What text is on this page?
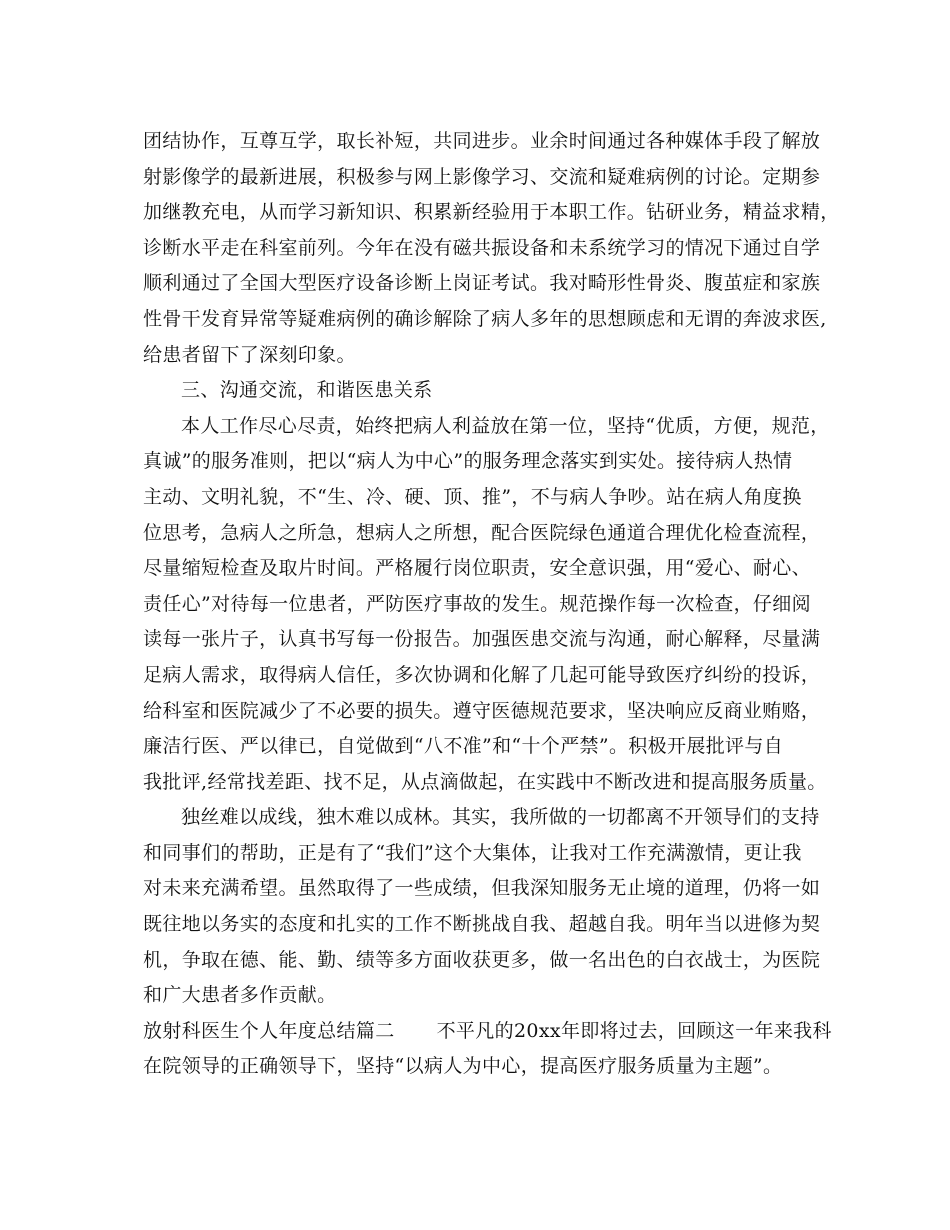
团结协作，互尊互学，取长补短，共同进步。业余时间通过各种媒体手段了解放
射影像学的最新进展，积极参与网上影像学习、交流和疑难病例的讨论。定期参
加继教充电，从而学习新知识、积累新经验用于本职工作。钻研业务，精益求精，
诊断水平走在科室前列。今年在没有磁共振设备和未系统学习的情况下通过自学
顺利通过了全国大型医疗设备诊断上岗证考试。我对畸形性骨炎、腹茧症和家族
性骨干发育异常等疑难病例的确诊解除了病人多年的思想顾虑和无谓的奔波求医,
给患者留下了深刻印象。
三、沟通交流，和谐医患关系
本人工作尽心尽责，始终把病人利益放在第一位，坚持“优质，方便，规范，
真诚”的服务准则，把以“病人为中心”的服务理念落实到实处。接待病人热情
主动、文明礼貌，不“生、冷、硬、顶、推”，不与病人争吵。站在病人角度换
位思考，急病人之所急，想病人之所想，配合医院绿色通道合理优化检查流程，
尽量缩短检查及取片时间。严格履行岗位职责，安全意识强，用“爱心、耐心、
责任心”对待每一位患者，严防医疗事故的发生。规范操作每一次检查，仔细阅
读每一张片子，认真书写每一份报告。加强医患交流与沟通，耐心解释，尽量满
足病人需求，取得病人信任，多次协调和化解了几起可能导致医疗纠纷的投诉，
给科室和医院减少了不必要的损失。遵守医德规范要求，坚决响应反商业贿赂，
廉洁行医、严以律已，自觉做到“八不准”和“十个严禁”。积极开展批评与自
我批评,经常找差距、找不足，从点滴做起，在实践中不断改进和提高服务质量。
独丝难以成线，独木难以成林。其实，我所做的一切都离不开领导们的支持
和同事们的帮助，正是有了“我们”这个大集体，让我对工作充满激情，更让我
对未来充满希望。虽然取得了一些成绩，但我深知服务无止境的道理，仍将一如
既往地以务实的态度和扎实的工作不断挑战自我、超越自我。明年当以进修为契
机，争取在德、能、勤、绩等多方面收获更多，做一名出色的白衣战士，为医院
和广大患者多作贡献。
放射科医生个人年度总结篇二 不平凡的20xx年即将过去，回顾这一年来我科
在院领导的正确领导下，坚持“以病人为中心，提高医疗服务质量为主题”。
